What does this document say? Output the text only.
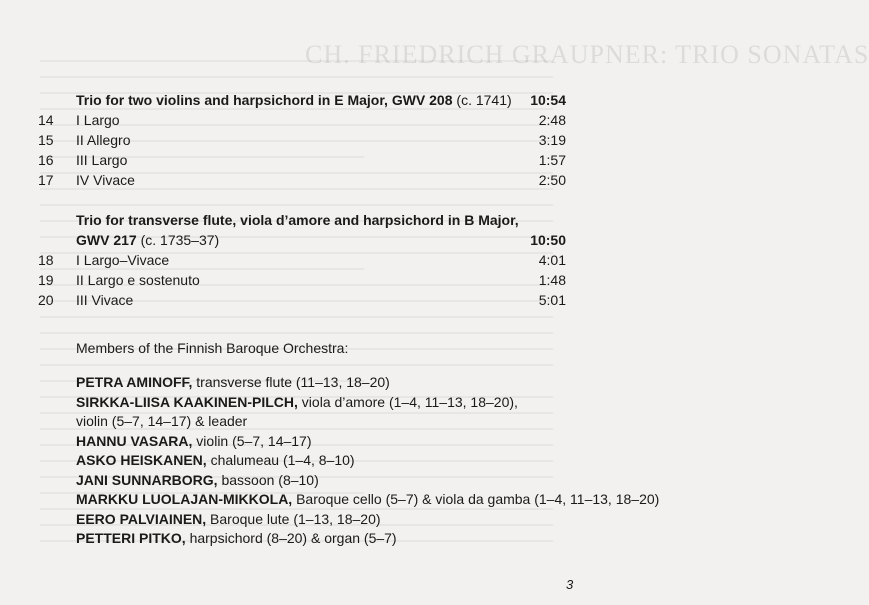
CH. FRIEDRICH GRAUPNER: TRIO SONATAS
Trio for two violins and harpsichord in E Major, GWV 208 (c. 1741) 10:54
14 I Largo	2:48
15 II Allegro	3:19
16 III Largo	1:57
17 IV Vivace	2:50
Trio for transverse flute, viola d’amore and harpsichord in B Major,
GWV 217 (c. 1735–37)	10:50
18 I Largo–Vivace	4:01
19 II Largo e sostenuto	1:48
20 III Vivace	5:01
Members of the Finnish Baroque Orchestra:
PETRA AMINOFF, transverse flute (11–13, 18–20)
SIRKKA-LIISA KAAKINEN-PILCH, viola d’amore (1–4, 11–13, 18–20),
violin (5–7, 14–17) & leader
HANNU VASARA, violin (5–7, 14–17)
ASKO HEISKANEN, chalumeau (1–4, 8–10)
JANI SUNNARBORG, bassoon (8–10)
MARKKU LUOLAJAN-MIKKOLA, Baroque cello (5–7) & viola da gamba (1–4, 11–13, 18–20)
EERO PALVIAINEN, Baroque lute (1–13, 18–20)
PETTERI PITKO, harpsichord (8–20) & organ (5–7)
3
